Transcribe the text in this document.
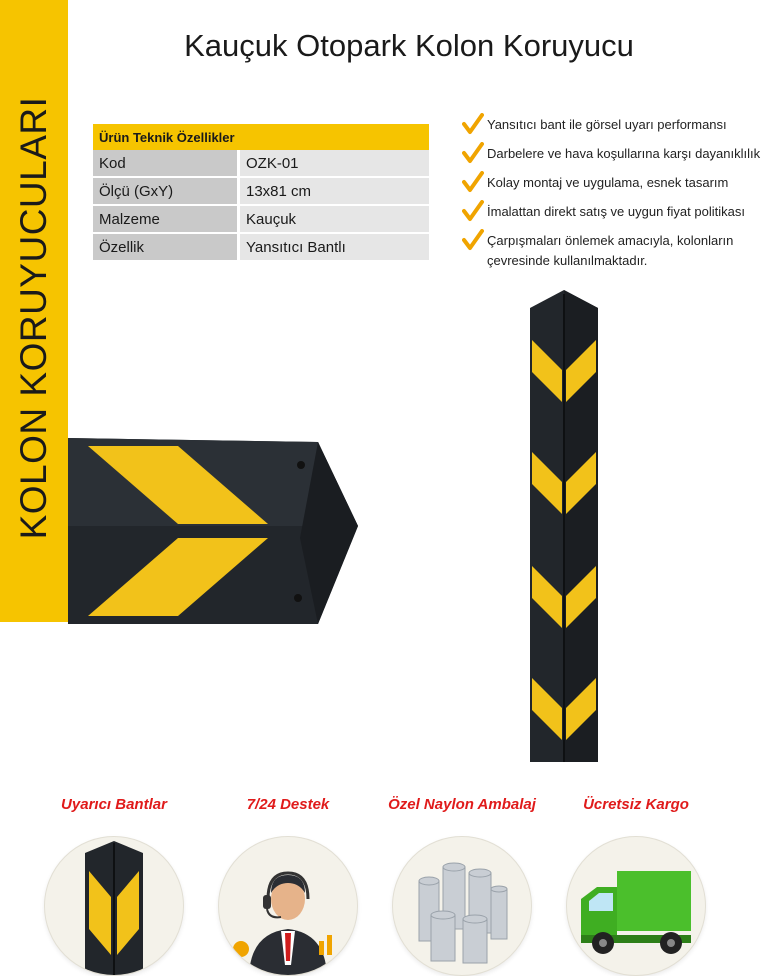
KOLON KORUYUCULARI
Kauçuk Otopark Kolon Koruyucu
Ürün Teknik Özellikler	
Kod	OZK-01
Ölçü (GxY)	13x81 cm
Malzeme	Kauçuk
Özellik	Yansıtıcı Bantlı
Yansıtıcı bant ile görsel uyarı performansı
Darbelere ve hava koşullarına karşı dayanıklılık
Kolay montaj ve uygulama, esnek tasarım
İmalattan direkt satış ve uygun fiyat politikası
Çarpışmaları önlemek amacıyla, kolonların çevresinde kullanılmaktadır.
Uyarıcı Bantlar	7/24 Destek	Özel Naylon Ambalaj	Ücretsiz Kargo
